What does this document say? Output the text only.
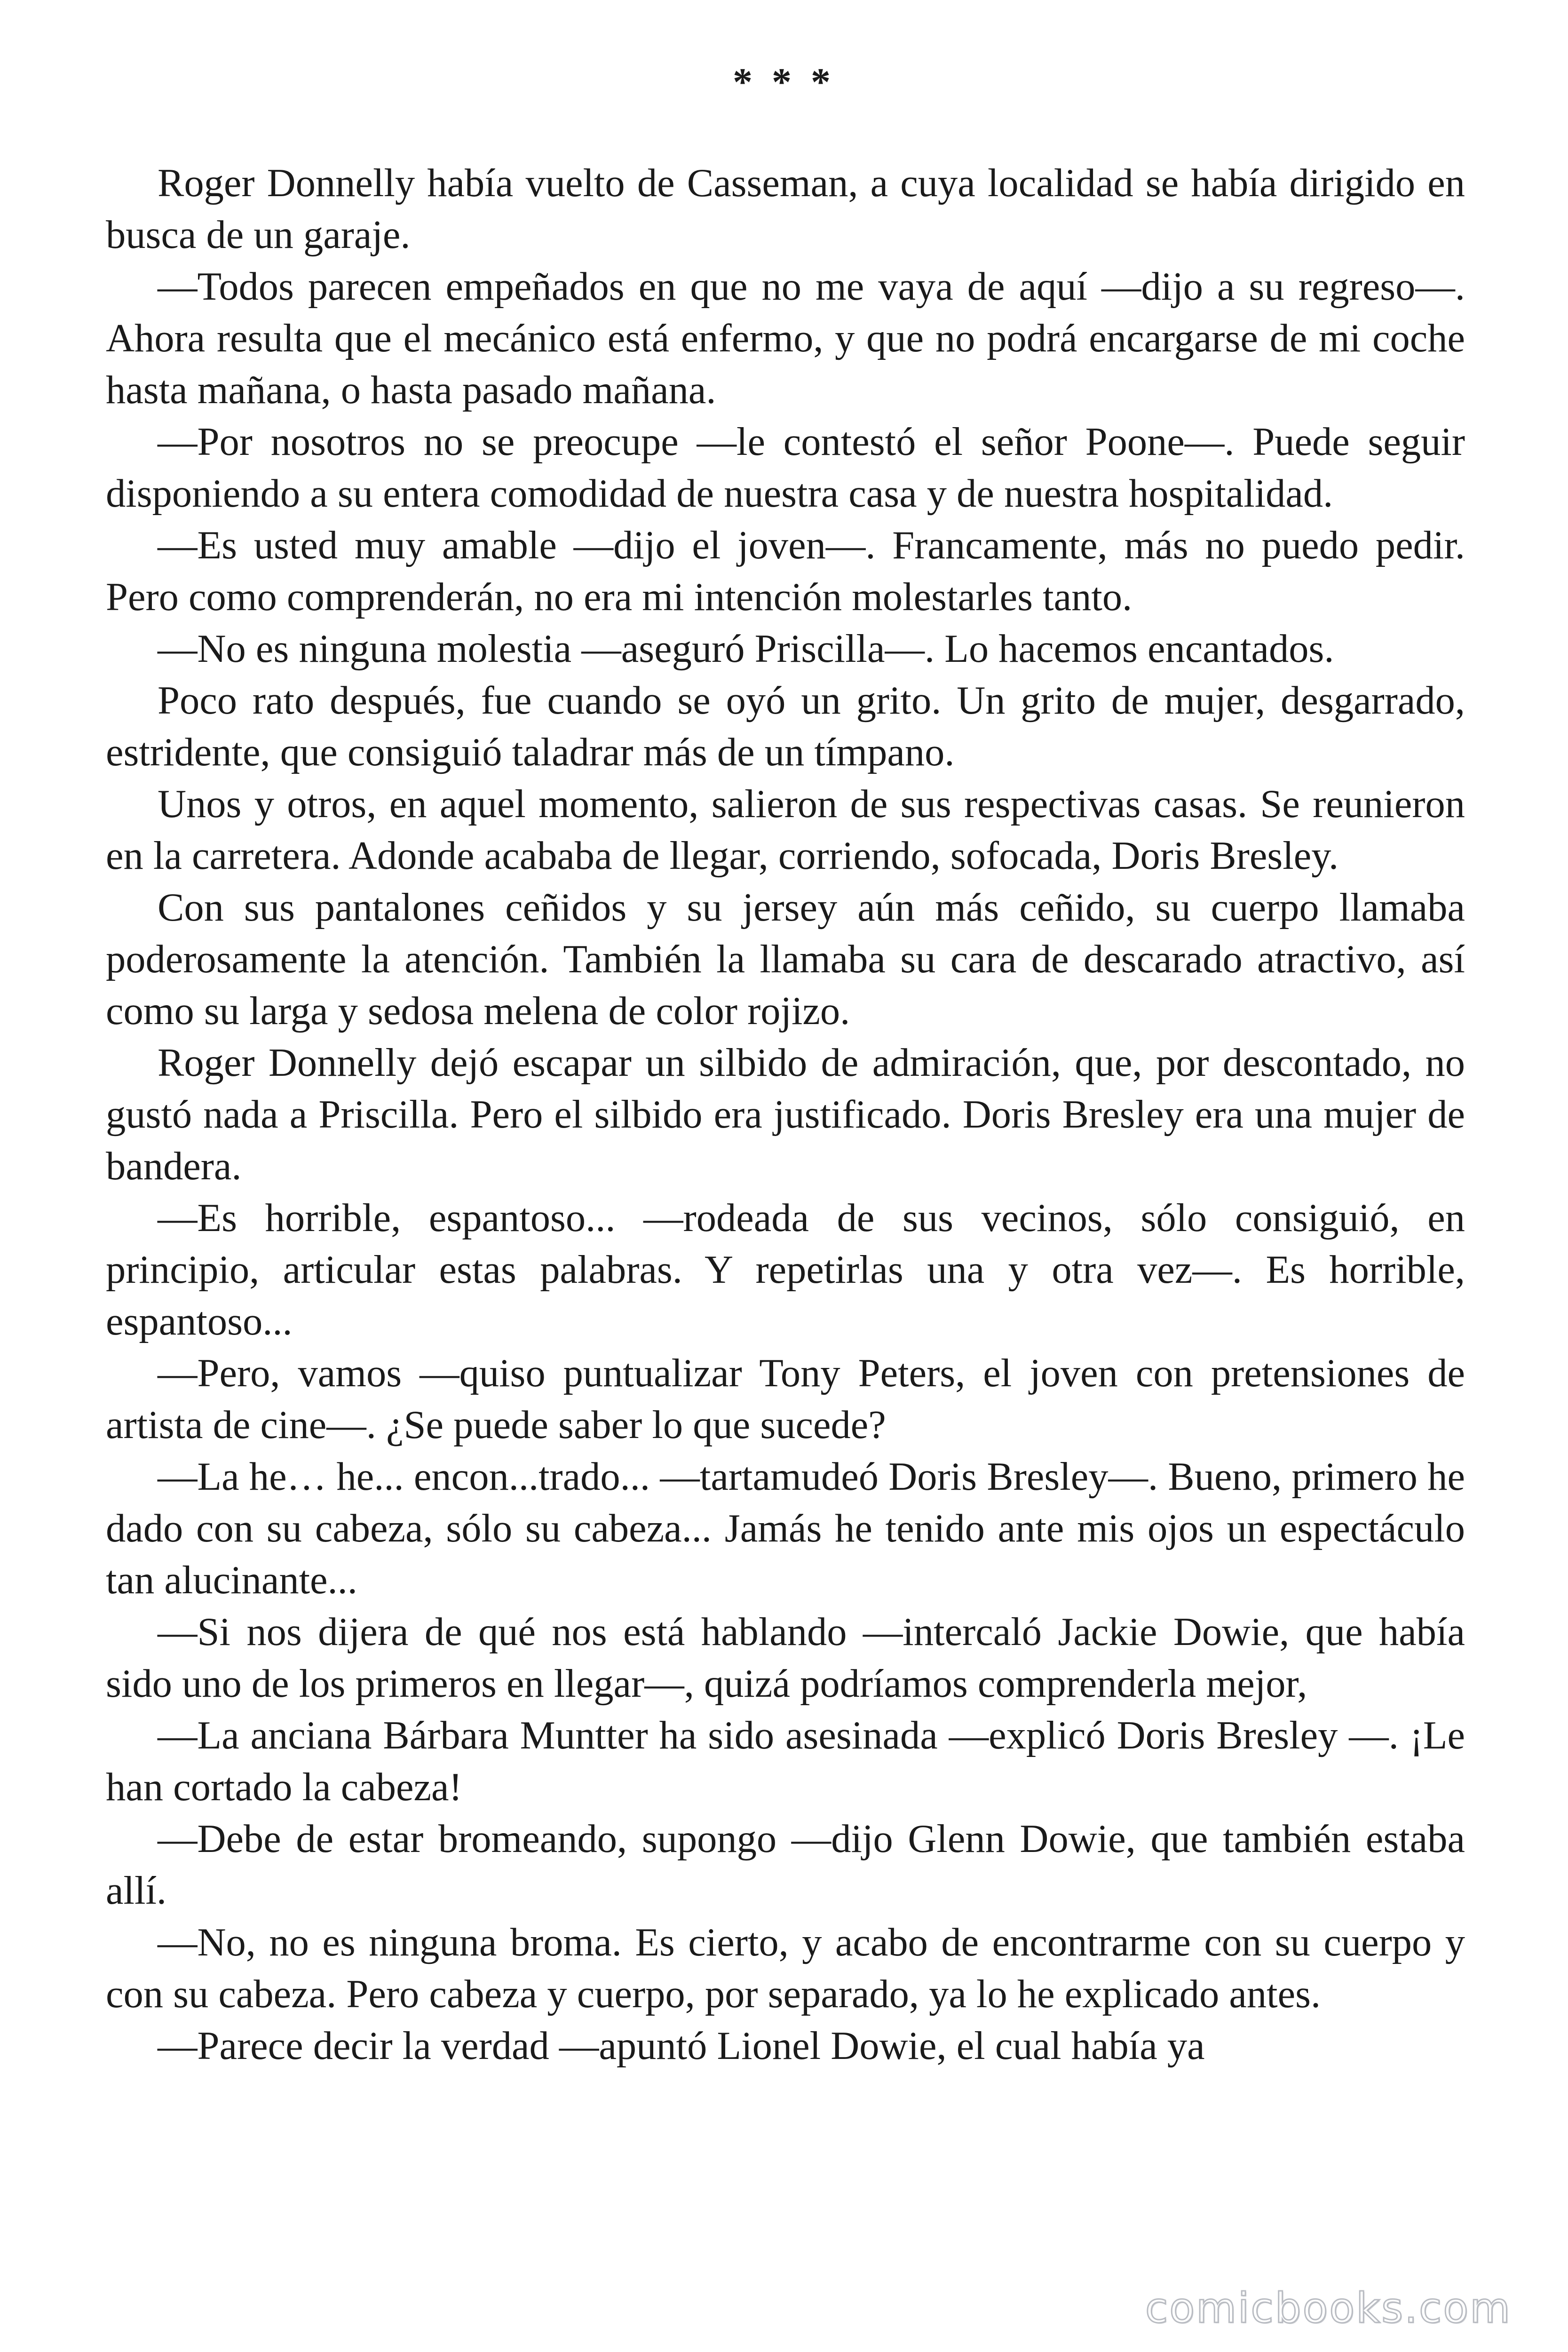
* * *

Roger Donnelly había vuelto de Casseman, a cuya localidad se había dirigido en busca de un garaje.

—Todos parecen empeñados en que no me vaya de aquí —dijo a su regreso—. Ahora resulta que el mecánico está enfermo, y que no podrá encargarse de mi coche hasta mañana, o hasta pasado mañana.

—Por nosotros no se preocupe —le contestó el señor Poone—. Puede seguir disponiendo a su entera comodidad de nuestra casa y de nuestra hospitalidad.

—Es usted muy amable —dijo el joven—. Francamente, más no puedo pedir. Pero como comprenderán, no era mi intención molestarles tanto.

—No es ninguna molestia —aseguró Priscilla—. Lo hacemos encantados.

Poco rato después, fue cuando se oyó un grito. Un grito de mujer, desgarrado, estridente, que consiguió taladrar más de un tímpano.

Unos y otros, en aquel momento, salieron de sus respectivas casas. Se reunieron en la carretera. Adonde acababa de llegar, corriendo, sofocada, Doris Bresley.

Con sus pantalones ceñidos y su jersey aún más ceñido, su cuerpo llamaba poderosamente la atención. También la llamaba su cara de descarado atractivo, así como su larga y sedosa melena de color rojizo.

Roger Donnelly dejó escapar un silbido de admiración, que, por descontado, no gustó nada a Priscilla. Pero el silbido era justificado. Doris Bresley era una mujer de bandera.

—Es horrible, espantoso... —rodeada de sus vecinos, sólo consiguió, en principio, articular estas palabras. Y repetirlas una y otra vez—. Es horrible, espantoso...

—Pero, vamos —quiso puntualizar Tony Peters, el joven con pretensiones de artista de cine—. ¿Se puede saber lo que sucede?

—La he… he... encon...trado... —tartamudeó Doris Bresley—. Bueno, primero he dado con su cabeza, sólo su cabeza... Jamás he tenido ante mis ojos un espectáculo tan alucinante...

—Si nos dijera de qué nos está hablando —intercaló Jackie Dowie, que había sido uno de los primeros en llegar—, quizá podríamos comprenderla mejor,

—La anciana Bárbara Muntter ha sido asesinada —explicó Doris Bresley —. ¡Le han cortado la cabeza!

—Debe de estar bromeando, supongo —dijo Glenn Dowie, que también estaba allí.

—No, no es ninguna broma. Es cierto, y acabo de encontrarme con su cuerpo y con su cabeza. Pero cabeza y cuerpo, por separado, ya lo he explicado antes.

—Parece decir la verdad —apuntó Lionel Dowie, el cual había ya

comicbooks.com
